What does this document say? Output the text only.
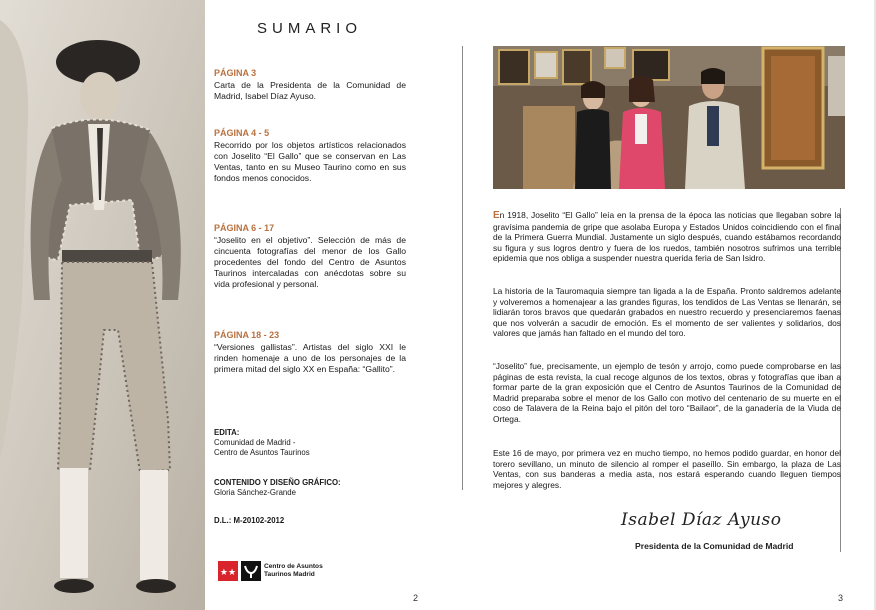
SUMARIO
PÁGINA 3
Carta de la Presidenta de la Comunidad de Madrid, Isabel Díaz Ayuso.
PÁGINA 4 - 5
Recorrido por los objetos artísticos relacionados con Joselito “El Gallo” que se conservan en Las Ventas, tanto en su Museo Taurino como en sus fondos menos conocidos.
PÁGINA 6 - 17
“Joselito en el objetivo”. Selección de más de cincuenta fotografías del menor de los Gallo procedentes del fondo del Centro de Asuntos Taurinos intercaladas con anécdotas sobre su vida profesional y personal.
PÁGINA 18 - 23
“Versiones gallistas”. Artistas del siglo XXI le rinden homenaje a uno de los personajes de la primera mitad del siglo XX en España: “Gallito”.
EDITA:
Comunidad de Madrid -
Centro de Asuntos Taurinos
CONTENIDO Y DISEÑO GRÁFICO:
Gloria Sánchez-Grande
D.L.: M-20102-2012
★★
Centro de Asuntos
Taurinos Madrid
2
En 1918, Joselito “El Gallo” leía en la prensa de la época las noticias que llegaban sobre la gravísima pandemia de gripe que asolaba Europa y Estados Unidos coincidiendo con el final de la Primera Guerra Mundial. Justamente un siglo después, cuando estábamos recordando su figura y sus logros dentro y fuera de los ruedos, también nosotros sufrimos una terrible epidemia que nos obliga a suspender nuestra querida feria de San Isidro.
La historia de la Tauromaquia siempre tan ligada a la de España. Pronto saldremos adelante y volveremos a homenajear a las grandes figuras, los tendidos de Las Ventas se llenarán, se lidiarán toros bravos que quedarán grabados en nuestro recuerdo y presenciaremos faenas que nos volverán a sacudir de emoción. Es el momento de ser valientes y solidarios, dos valores que jamás han faltado en el mundo del toro.
“Joselito” fue, precisamente, un ejemplo de tesón y arrojo, como puede comprobarse en las páginas de esta revista, la cual recoge algunos de los textos, obras y fotografías que iban a formar parte de la gran exposición que el Centro de Asuntos Taurinos de la Comunidad de Madrid preparaba sobre el menor de los Gallo con motivo del centenario de su muerte en el coso de Talavera de la Reina bajo el pitón del toro “Bailaor”, de la ganadería de la Viuda de Ortega.
Este 16 de mayo, por primera vez en mucho tiempo, no hemos podido guardar, en honor del torero sevillano, un minuto de silencio al romper el paseíllo. Sin embargo, la plaza de Las Ventas, con sus banderas a media asta, nos estará esperando cuando lleguen tiempos mejores y alegres.
Isabel Díaz Ayuso
Presidenta de la Comunidad de Madrid
3
